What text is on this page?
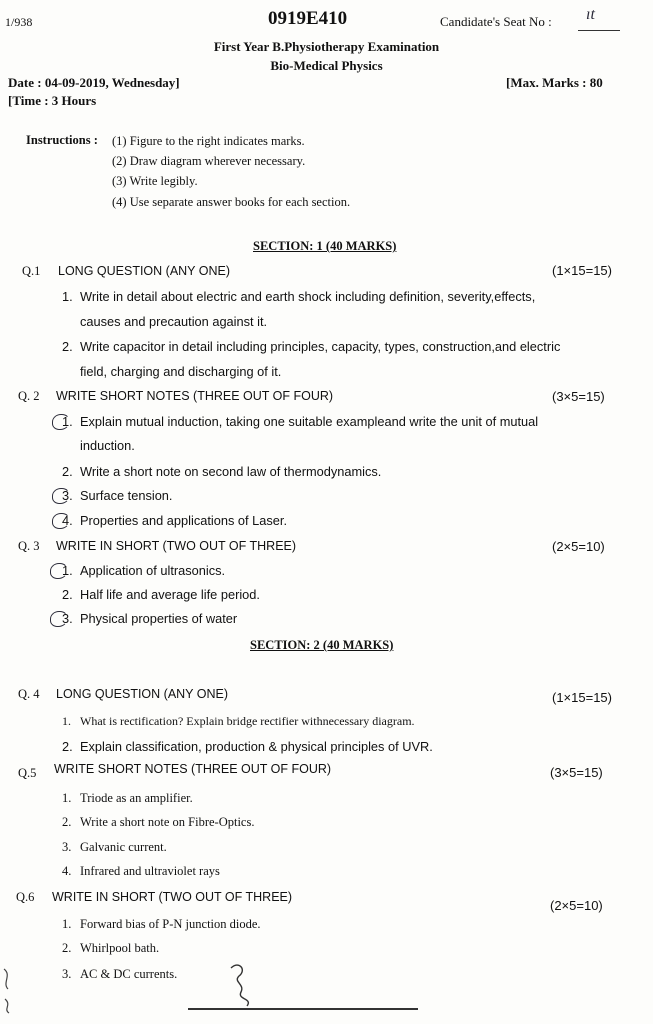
1/938	0919E410	Candidate's Seat No : ıt
First Year B.Physiotherapy Examination
Bio-Medical Physics
Date : 04-09-2019, Wednesday]	[Max. Marks : 80
[Time : 3 Hours
Instructions : (1) Figure to the right indicates marks.
(2) Draw diagram wherever necessary.
(3) Write legibly.
(4) Use separate answer books for each section.
SECTION: 1 (40 MARKS)
Q.1 LONG QUESTION (ANY ONE)	(1×15=15)
1. Write in detail about electric and earth shock including definition, severity,effects,
causes and precaution against it.
2. Write capacitor in detail including principles, capacity, types, construction,and electric
field, charging and discharging of it.
Q. 2 WRITE SHORT NOTES (THREE OUT OF FOUR)	(3×5=15)
1. Explain mutual induction, taking one suitable exampleand write the unit of mutual
induction.
2. Write a short note on second law of thermodynamics.
3. Surface tension.
4. Properties and applications of Laser.
Q. 3 WRITE IN SHORT (TWO OUT OF THREE)	(2×5=10)
1. Application of ultrasonics.
2. Half life and average life period.
3. Physical properties of water
SECTION: 2 (40 MARKS)
Q. 4 LONG QUESTION (ANY ONE)	(1×15=15)
1. What is rectification? Explain bridge rectifier withnecessary diagram.
2. Explain classification, production & physical principles of UVR.
Q.5 WRITE SHORT NOTES (THREE OUT OF FOUR)	(3×5=15)
1. Triode as an amplifier.
2. Write a short note on Fibre-Optics.
3. Galvanic current.
4. Infrared and ultraviolet rays
Q.6 WRITE IN SHORT (TWO OUT OF THREE)
(2×5=10)
1. Forward bias of P-N junction diode.
2. Whirlpool bath.
3. AC & DC currents.
